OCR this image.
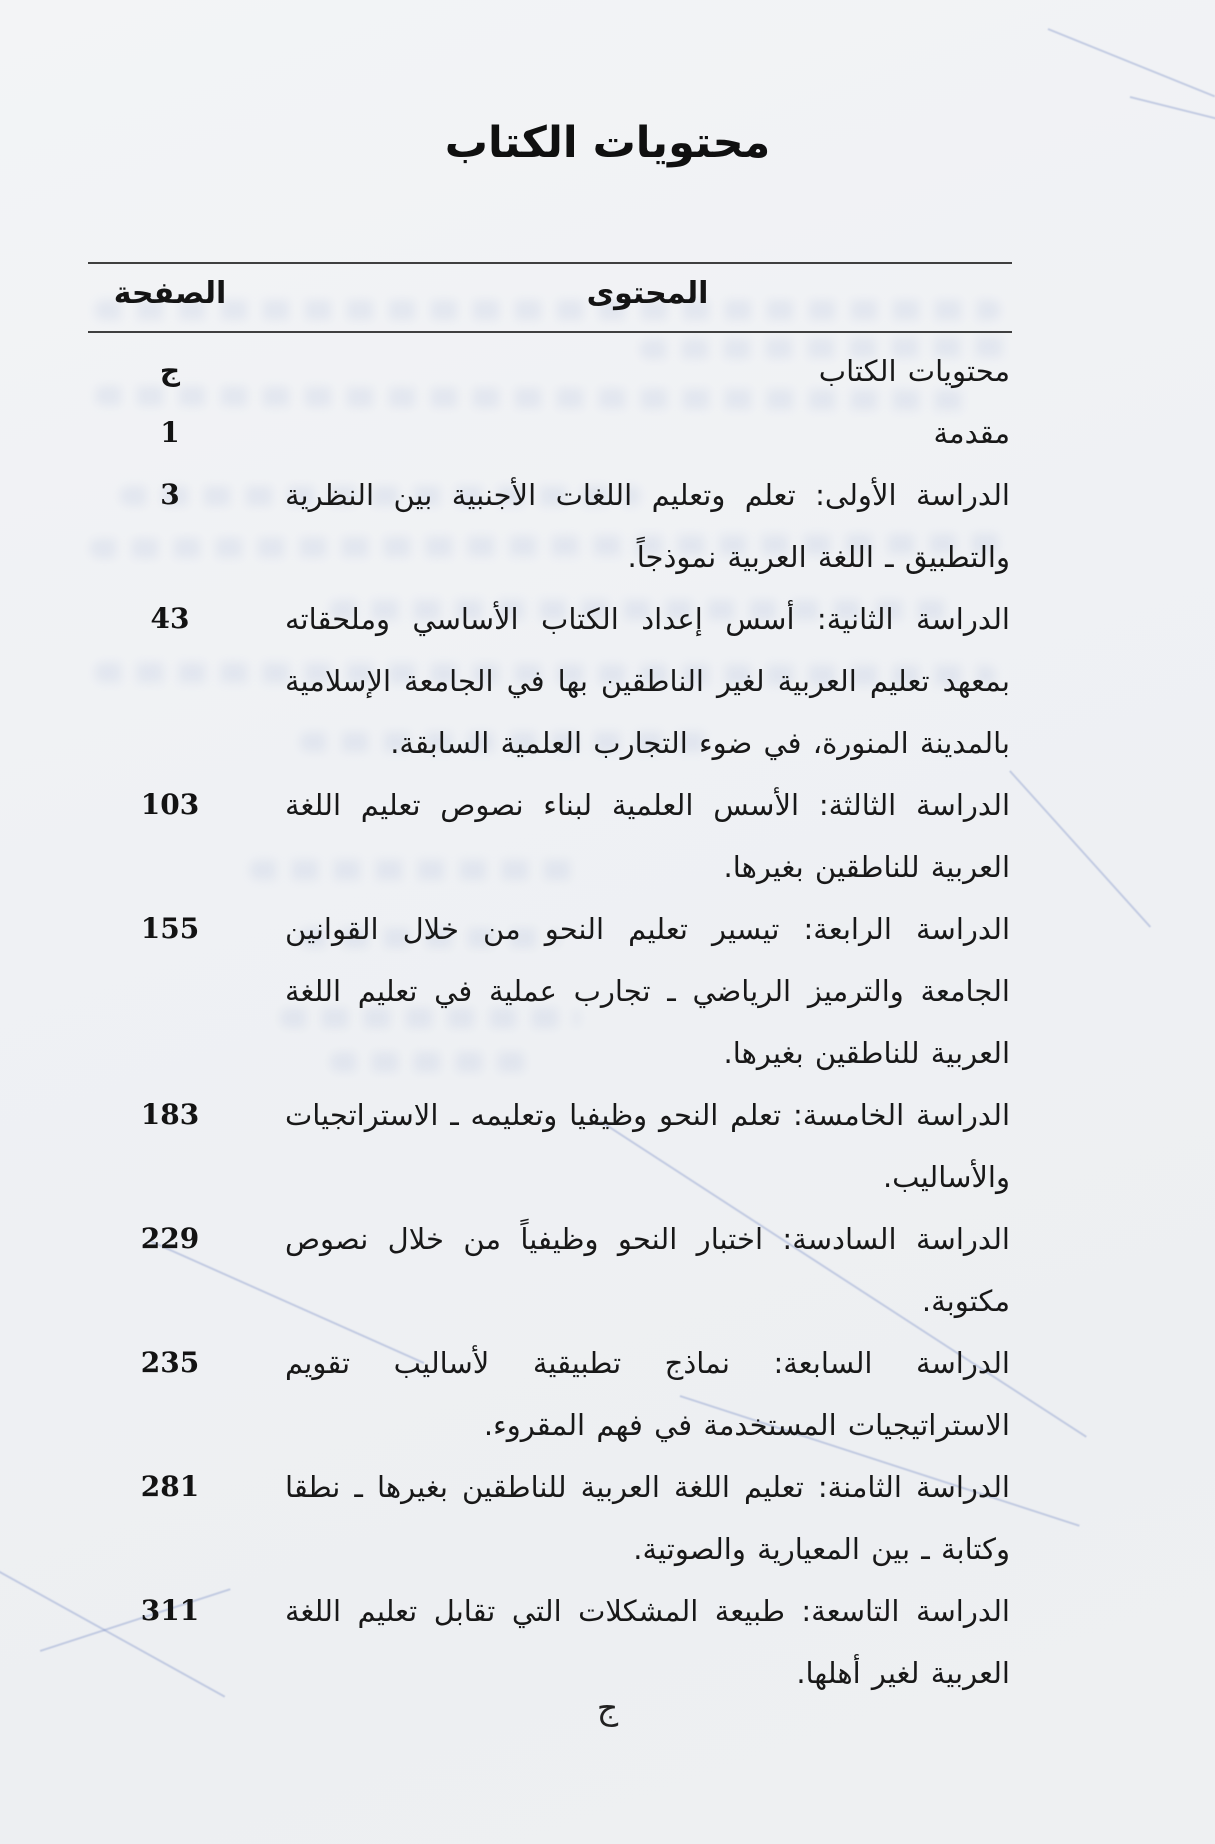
محتويات الكتاب
الصفحة	المحتوى
ج	محتويات الكتاب
1	مقدمة
3	الدراسة الأولى: تعلم وتعليم اللغات الأجنبية بين النظرية والتطبيق ـ اللغة العربية نموذجاً.
43	الدراسة الثانية: أسس إعداد الكتاب الأساسي وملحقاته بمعهد تعليم العربية لغير الناطقين بها في الجامعة الإسلامية بالمدينة المنورة، في ضوء التجارب العلمية السابقة.
103	الدراسة الثالثة: الأسس العلمية لبناء نصوص تعليم اللغة العربية للناطقين بغيرها.
155	الدراسة الرابعة: تيسير تعليم النحو من خلال القوانين الجامعة والترميز الرياضي ـ تجارب عملية في تعليم اللغة العربية للناطقين بغيرها.
183	الدراسة الخامسة: تعلم النحو وظيفيا وتعليمه ـ الاستراتجيات والأساليب.
229	الدراسة السادسة: اختبار النحو وظيفياً من خلال نصوص مكتوبة.
235	الدراسة السابعة: نماذج تطبيقية لأساليب تقويم الاستراتيجيات المستخدمة في فهم المقروء.
281	الدراسة الثامنة: تعليم اللغة العربية للناطقين بغيرها ـ نطقا وكتابة ـ بين المعيارية والصوتية.
311	الدراسة التاسعة: طبيعة المشكلات التي تقابل تعليم اللغة العربية لغير أهلها.
ج
